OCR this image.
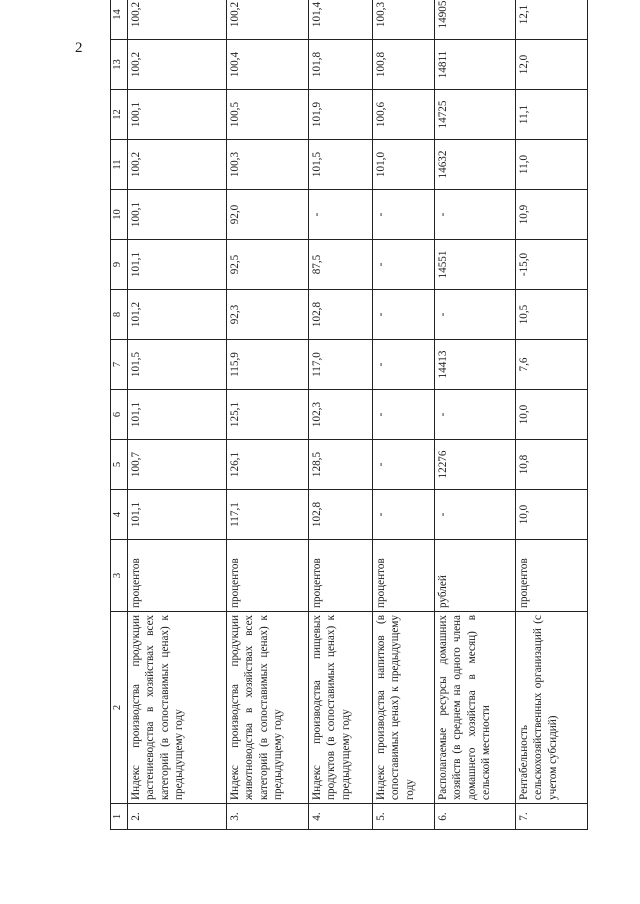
2
1	2	3	4	5	6	7	8	9	10	11	12	13	14
2.	Индекс производства продукции растениеводства в хозяйствах всех категорий (в сопоставимых ценах) к предыдущему году	процентов	101,1	100,7	101,1	101,5	101,2	101,1	100,1	100,2	100,1	100,2	100,2
3.	Индекс производства продукции животноводства в хозяйствах всех категорий (в сопоставимых ценах) к предыдущему году	процентов	117,1	126,1	125,1	115,9	92,3	92,5	92,0	100,3	100,5	100,4	100,2
4.	Индекс производства пищевых продуктов (в сопоставимых ценах) к предыдущему году	процентов	102,8	128,5	102,3	117,0	102,8	87,5	-	101,5	101,9	101,8	101,4
5.	Индекс производства напитков (в сопоставимых ценах) к предыдущему году	процентов	-	-	-	-	-	-	-	101,0	100,6	100,8	100,3
6.	Располагаемые ресурсы домашних хозяйств (в среднем на одного члена домашнего хозяйства в месяц) в сельской местности	рублей	-	12276	-	14413	-	14551	-	14632	14725	14811	14905
7.	Рентабельность сельскохозяйственных организаций (с учетом субсидий)	процентов	10,0	10,8	10,0	7,6	10,5	-15,0	10,9	11,0	11,1	12,0	12,1
